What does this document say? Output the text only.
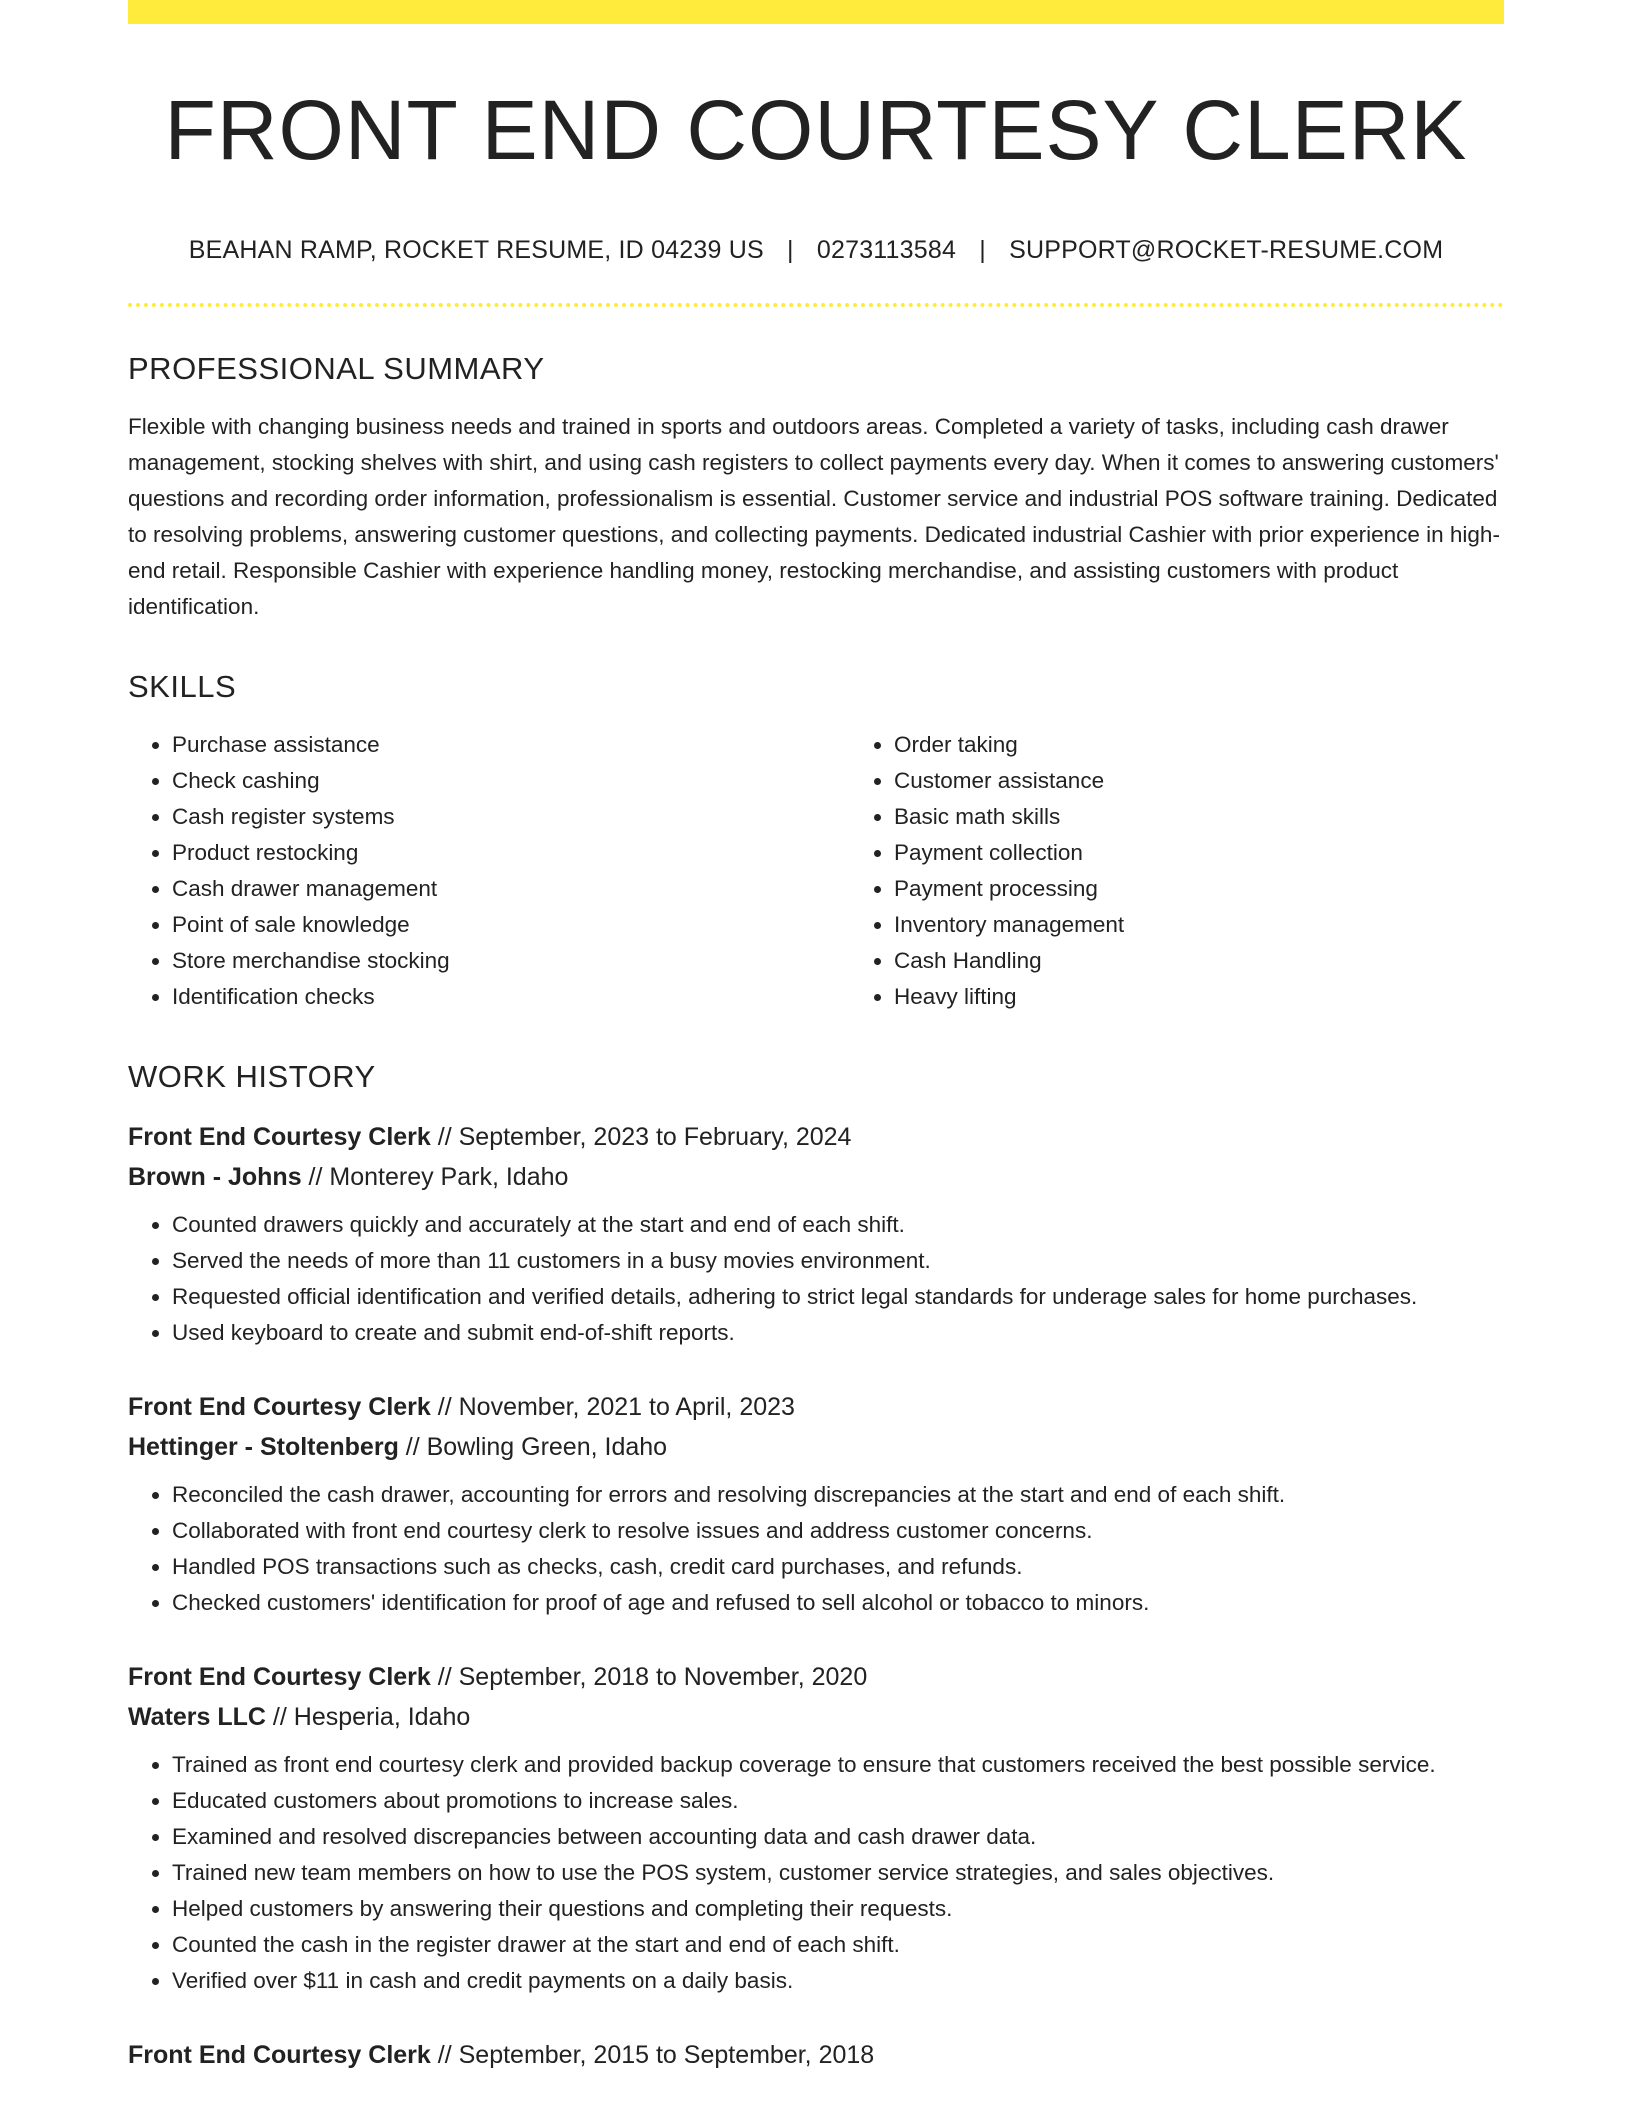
FRONT END COURTESY CLERK
BEAHAN RAMP, ROCKET RESUME, ID 04239 US | 0273113584 | SUPPORT@ROCKET-RESUME.COM
PROFESSIONAL SUMMARY

Flexible with changing business needs and trained in sports and outdoors areas. Completed a variety of tasks, including cash drawer management, stocking shelves with shirt, and using cash registers to collect payments every day. When it comes to answering customers' questions and recording order information, professionalism is essential. Customer service and industrial POS software training. Dedicated to resolving problems, answering customer questions, and collecting payments. Dedicated industrial Cashier with prior experience in high-end retail. Responsible Cashier with experience handling money, restocking merchandise, and assisting customers with product identification.

SKILLS
• Purchase assistance
• Check cashing
• Cash register systems
• Product restocking
• Cash drawer management
• Point of sale knowledge
• Store merchandise stocking
• Identification checks
• Order taking
• Customer assistance
• Basic math skills
• Payment collection
• Payment processing
• Inventory management
• Cash Handling
• Heavy lifting
WORK HISTORY
Front End Courtesy Clerk // September, 2023 to February, 2024
Brown - Johns // Monterey Park, Idaho
• Counted drawers quickly and accurately at the start and end of each shift.
• Served the needs of more than 11 customers in a busy movies environment.
• Requested official identification and verified details, adhering to strict legal standards for underage sales for home purchases.
• Used keyboard to create and submit end-of-shift reports.
Front End Courtesy Clerk // November, 2021 to April, 2023
Hettinger - Stoltenberg // Bowling Green, Idaho
• Reconciled the cash drawer, accounting for errors and resolving discrepancies at the start and end of each shift.
• Collaborated with front end courtesy clerk to resolve issues and address customer concerns.
• Handled POS transactions such as checks, cash, credit card purchases, and refunds.
• Checked customers' identification for proof of age and refused to sell alcohol or tobacco to minors.
Front End Courtesy Clerk // September, 2018 to November, 2020
Waters LLC // Hesperia, Idaho
• Trained as front end courtesy clerk and provided backup coverage to ensure that customers received the best possible service.
• Educated customers about promotions to increase sales.
• Examined and resolved discrepancies between accounting data and cash drawer data.
• Trained new team members on how to use the POS system, customer service strategies, and sales objectives.
• Helped customers by answering their questions and completing their requests.
• Counted the cash in the register drawer at the start and end of each shift.
• Verified over $11 in cash and credit payments on a daily basis.
Front End Courtesy Clerk // September, 2015 to September, 2018
